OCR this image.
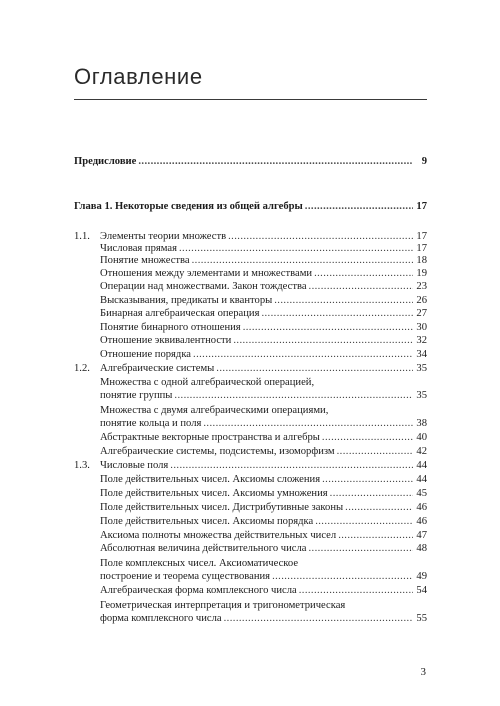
Оглавление
Предисловие .....	9
Глава 1. Некоторые сведения из общей алгебры .....	17
1.1. Элементы теории множеств .....	17
Числовая прямая .....	17
Понятие множества .....	18
Отношения между элементами и множествами .....	19
Операции над множествами. Закон тождества .....	23
Высказывания, предикаты и кванторы .....	26
Бинарная алгебраическая операция .....	27
Понятие бинарного отношения .....	30
Отношение эквивалентности .....	32
Отношение порядка .....	34
1.2. Алгебраические системы .....	35
Множества с одной алгебраической операцией,
понятие группы .....	35
Множества с двумя алгебраическими операциями,
понятие кольца и поля .....	38
Абстрактные векторные пространства и алгебры .....	40
Алгебраические системы, подсистемы, изоморфизм .....	42
1.3. Числовые поля .....	44
Поле действительных чисел. Аксиомы сложения .....	44
Поле действительных чисел. Аксиомы умножения .....	45
Поле действительных чисел. Дистрибутивные законы .....	46
Поле действительных чисел. Аксиомы порядка .....	46
Аксиома полноты множества действительных чисел .....	47
Абсолютная величина действительного числа .....	48
Поле комплексных чисел. Аксиоматическое
построение и теорема существования .....	49
Алгебраическая форма комплексного числа .....	54
Геометрическая интерпретация и тригонометрическая
форма комплексного числа .....	55
3
